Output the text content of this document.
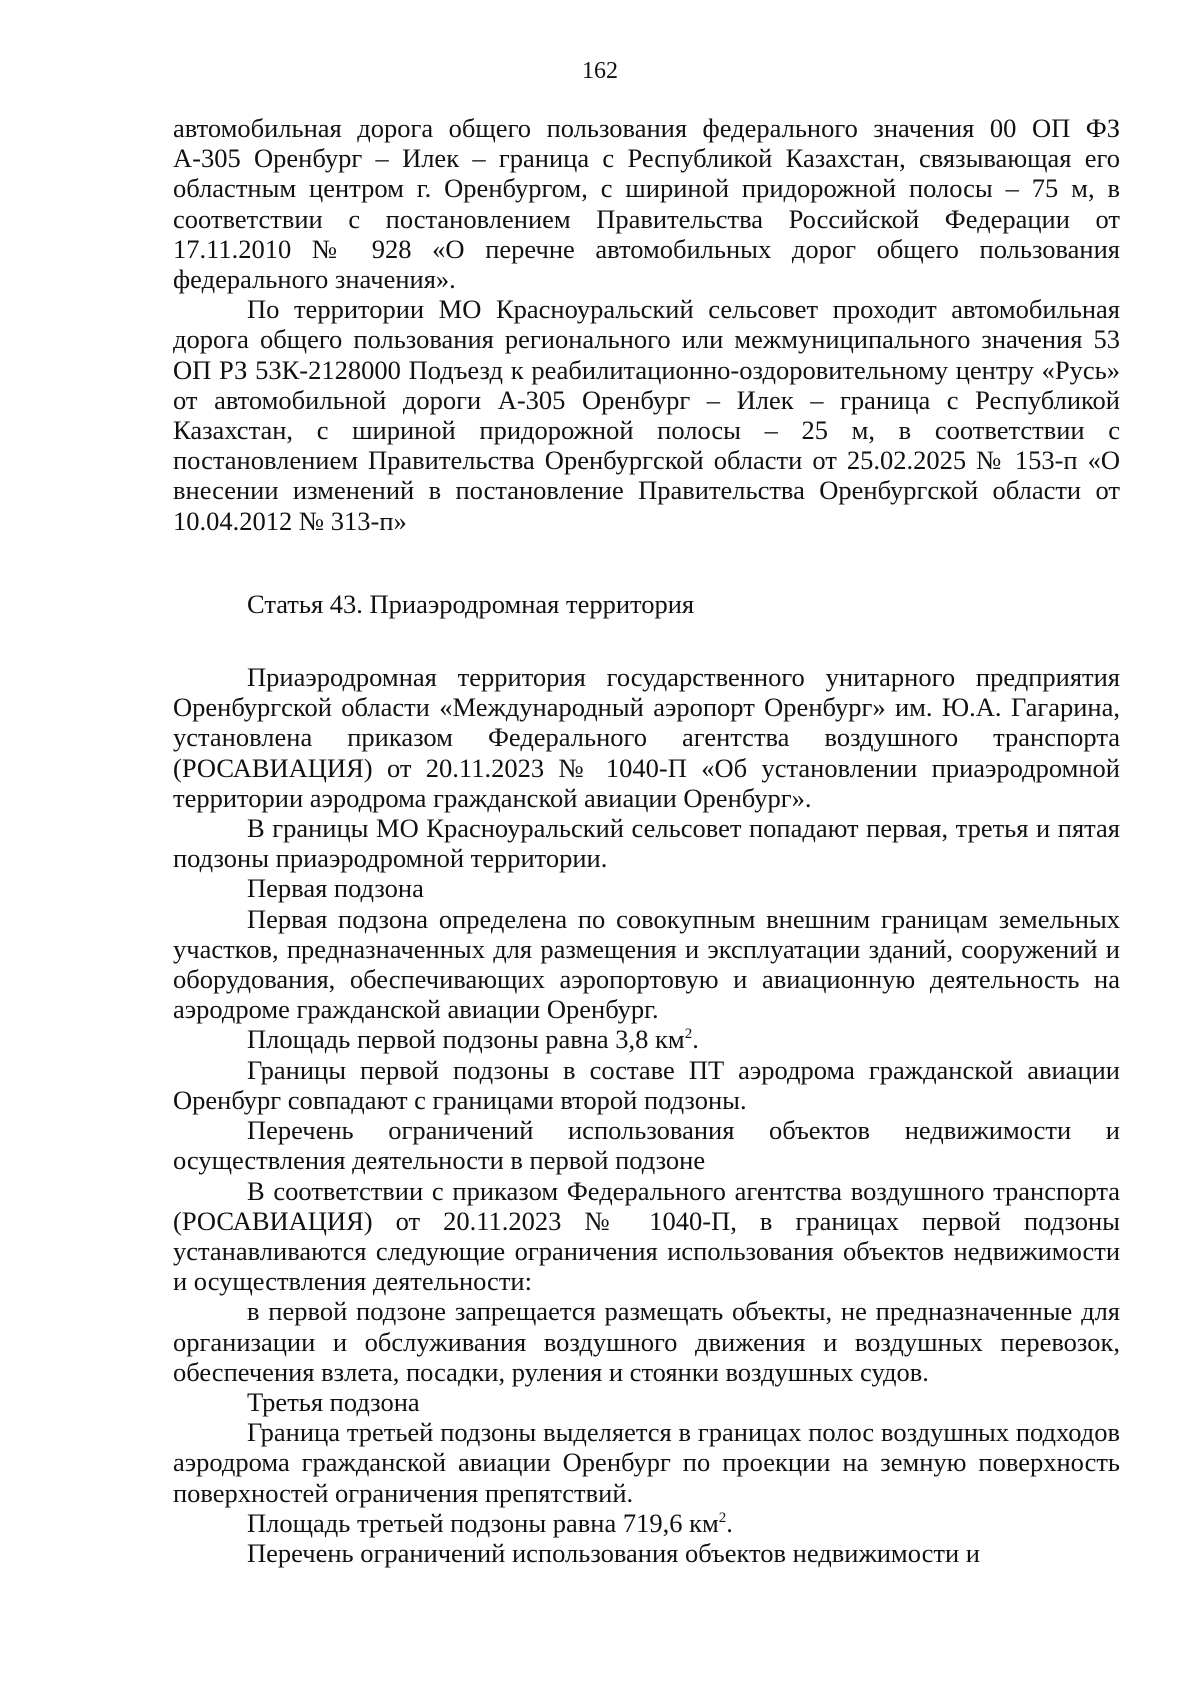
162

автомобильная дорога общего пользования федерального значения 00 ОП ФЗ А-305 Оренбург – Илек – граница с Республикой Казахстан, связывающая его областным центром г. Оренбургом, с шириной придорожной полосы – 75 м, в соответствии с постановлением Правительства Российской Федерации от 17.11.2010 № 928 «О перечне автомобильных дорог общего пользования федерального значения».

По территории МО Красноуральский сельсовет проходит автомобильная дорога общего пользования регионального или межмуниципального значения 53 ОП РЗ 53К-2128000 Подъезд к реабилитационно-оздоровительному центру «Русь» от автомобильной дороги А-305 Оренбург – Илек – граница с Республикой Казахстан, с шириной придорожной полосы – 25 м, в соответствии с постановлением Правительства Оренбургской области от 25.02.2025 № 153-п «О внесении изменений в постановление Правительства Оренбургской области от 10.04.2012 № 313-п»

Статья 43. Приаэродромная территория

Приаэродромная территория государственного унитарного предприятия Оренбургской области «Международный аэропорт Оренбург» им. Ю.А. Гагарина, установлена приказом Федерального агентства воздушного транспорта (РОСАВИАЦИЯ) от 20.11.2023 № 1040-П «Об установлении приаэродромной территории аэродрома гражданской авиации Оренбург».

В границы МО Красноуральский сельсовет попадают первая, третья и пятая подзоны приаэродромной территории.

Первая подзона

Первая подзона определена по совокупным внешним границам земельных участков, предназначенных для размещения и эксплуатации зданий, сооружений и оборудования, обеспечивающих аэропортовую и авиационную деятельность на аэродроме гражданской авиации Оренбург.

Площадь первой подзоны равна 3,8 $км^2$.

Границы первой подзоны в составе ПТ аэродрома гражданской авиации Оренбург совпадают с границами второй подзоны.

Перечень ограничений использования объектов недвижимости и осуществления деятельности в первой подзоне

В соответствии с приказом Федерального агентства воздушного транспорта (РОСАВИАЦИЯ) от 20.11.2023 № 1040-П, в границах первой подзоны устанавливаются следующие ограничения использования объектов недвижимости и осуществления деятельности:

в первой подзоне запрещается размещать объекты, не предназначенные для организации и обслуживания воздушного движения и воздушных перевозок, обеспечения взлета, посадки, руления и стоянки воздушных судов.

Третья подзона

Граница третьей подзоны выделяется в границах полос воздушных подходов аэродрома гражданской авиации Оренбург по проекции на земную поверхность поверхностей ограничения препятствий.

Площадь третьей подзоны равна 719,6 $км^2$.

Перечень ограничений использования объектов недвижимости и
